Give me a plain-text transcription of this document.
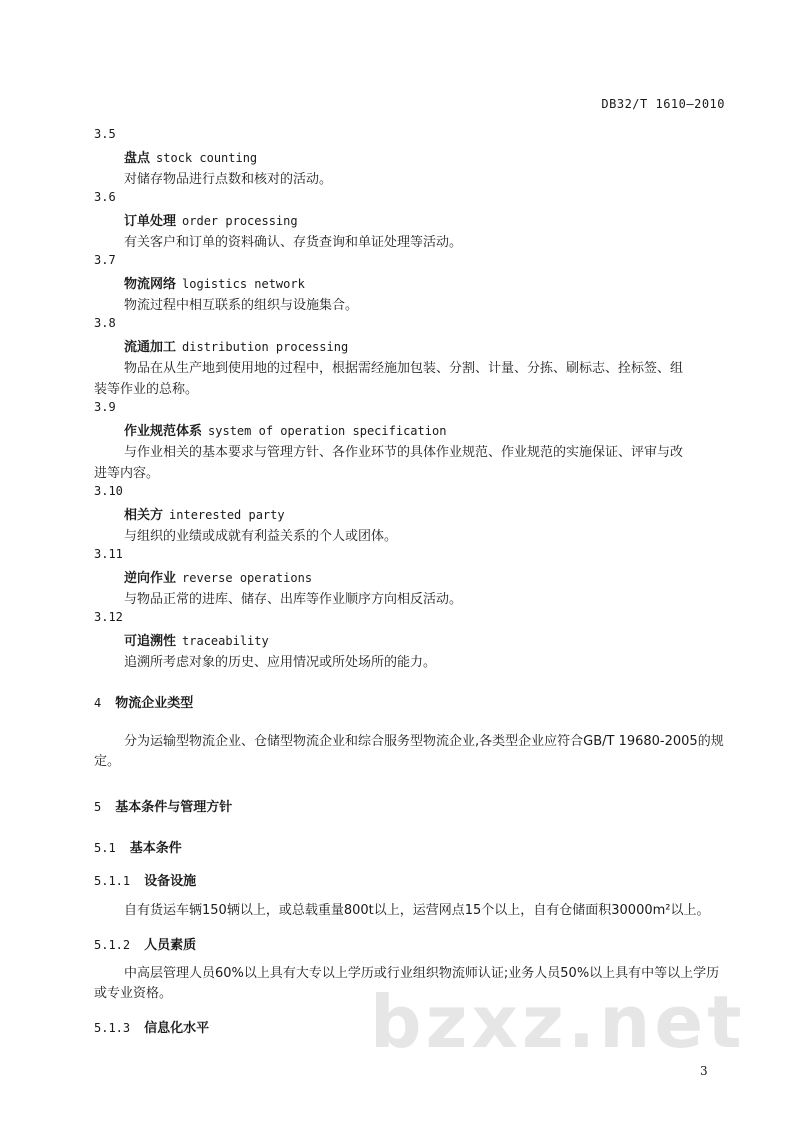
DB32/T 1610—2010
3.5
盘点 stock counting
对储存物品进行点数和核对的活动。
3.6
订单处理 order processing
有关客户和订单的资料确认、存货查询和单证处理等活动。
3.7
物流网络 logistics network
物流过程中相互联系的组织与设施集合。
3.8
流通加工 distribution processing
物品在从生产地到使用地的过程中，根据需经施加包装、分割、计量、分拣、刷标志、拴标签、组
装等作业的总称。
3.9
作业规范体系 system of operation specification
与作业相关的基本要求与管理方针、各作业环节的具体作业规范、作业规范的实施保证、评审与改
进等内容。
3.10
相关方 interested party
与组织的业绩或成就有利益关系的个人或团体。
3.11
逆向作业 reverse operations
与物品正常的进库、储存、出库等作业顺序方向相反活动。
3.12
可追溯性 traceability
追溯所考虑对象的历史、应用情况或所处场所的能力。
4 物流企业类型
分为运输型物流企业、仓储型物流企业和综合服务型物流企业,各类型企业应符合GB/T 19680-2005的规定。
5 基本条件与管理方针
5.1 基本条件
5.1.1 设备设施
自有货运车辆150辆以上，或总载重量800t以上，运营网点15个以上，自有仓储面积30000m²以上。
5.1.2 人员素质
中高层管理人员60%以上具有大专以上学历或行业组织物流师认证;业务人员50%以上具有中等以上学历或专业资格。
5.1.3 信息化水平 bzxz.net
3
